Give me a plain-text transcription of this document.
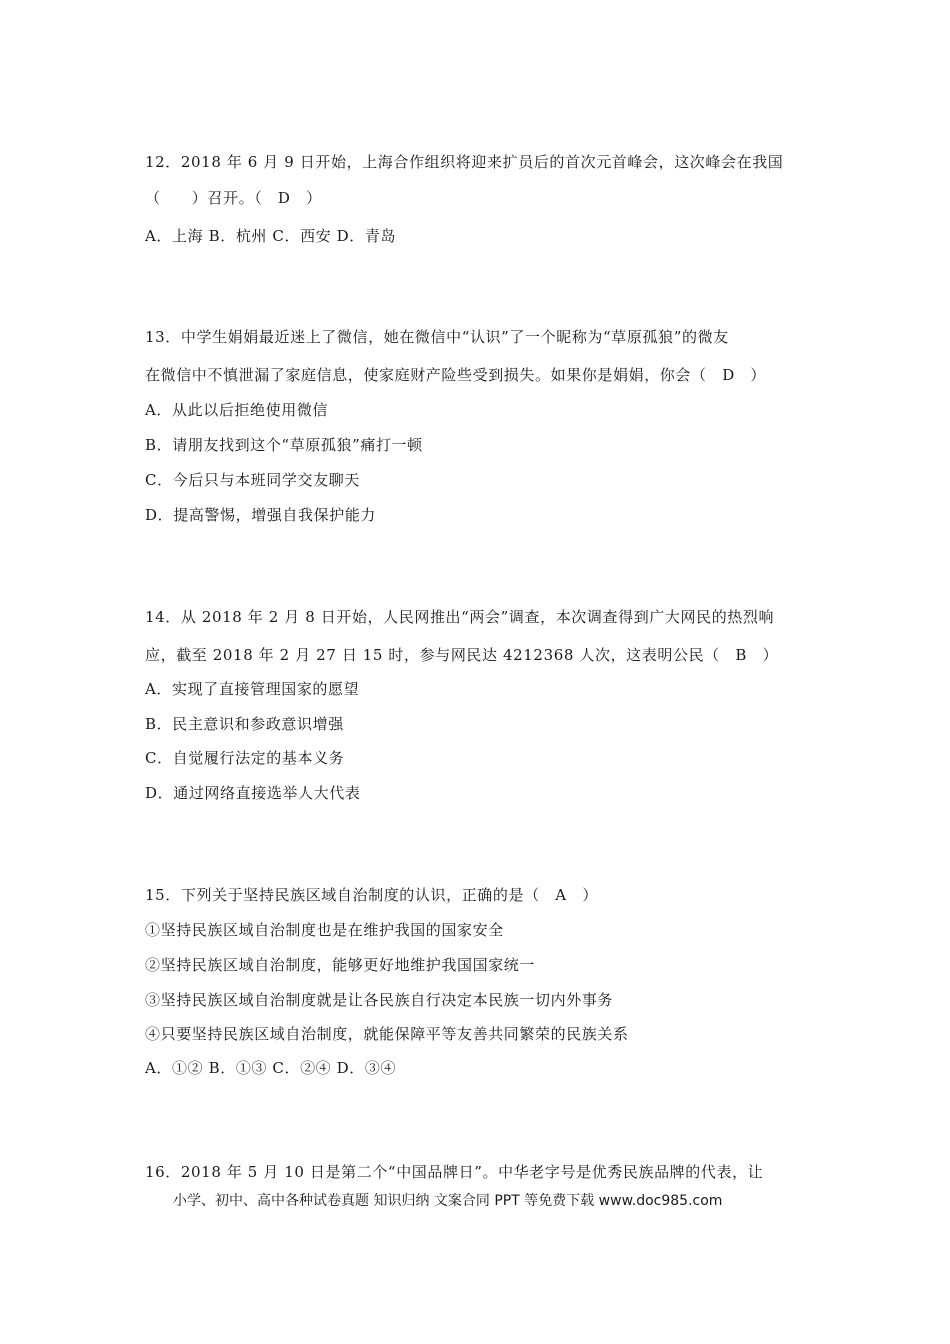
12．2018 年 6 月 9 日开始，上海合作组织将迎来扩员后的首次元首峰会，这次峰会在我国
（　　）召开。（　D　）
A．上海 B．杭州 C．西安 D．青岛
13．中学生娟娟最近迷上了微信，她在微信中“认识”了一个昵称为“草原孤狼”的微友
在微信中不慎泄漏了家庭信息，使家庭财产险些受到损失。如果你是娟娟，你会（　D　）
A．从此以后拒绝使用微信
B．请朋友找到这个“草原孤狼”痛打一顿
C．今后只与本班同学交友聊天
D．提高警惕，增强自我保护能力
14．从 2018 年 2 月 8 日开始，人民网推出“两会”调查，本次调查得到广大网民的热烈响
应，截至 2018 年 2 月 27 日 15 时，参与网民达 4212368 人次，这表明公民（　B　）
A．实现了直接管理国家的愿望
B．民主意识和参政意识增强
C．自觉履行法定的基本义务
D．通过网络直接选举人大代表
15．下列关于坚持民族区域自治制度的认识，正确的是（　A　）
①坚持民族区域自治制度也是在维护我国的国家安全
②坚持民族区域自治制度，能够更好地维护我国国家统一
③坚持民族区域自治制度就是让各民族自行决定本民族一切内外事务
④只要坚持民族区域自治制度，就能保障平等友善共同繁荣的民族关系
A．①② B．①③ C．②④ D．③④
16．2018 年 5 月 10 日是第二个“中国品牌日”。中华老字号是优秀民族品牌的代表，让
小学、初中、高中各种试卷真题 知识归纳 文案合同 PPT 等免费下载 www.doc985.com
